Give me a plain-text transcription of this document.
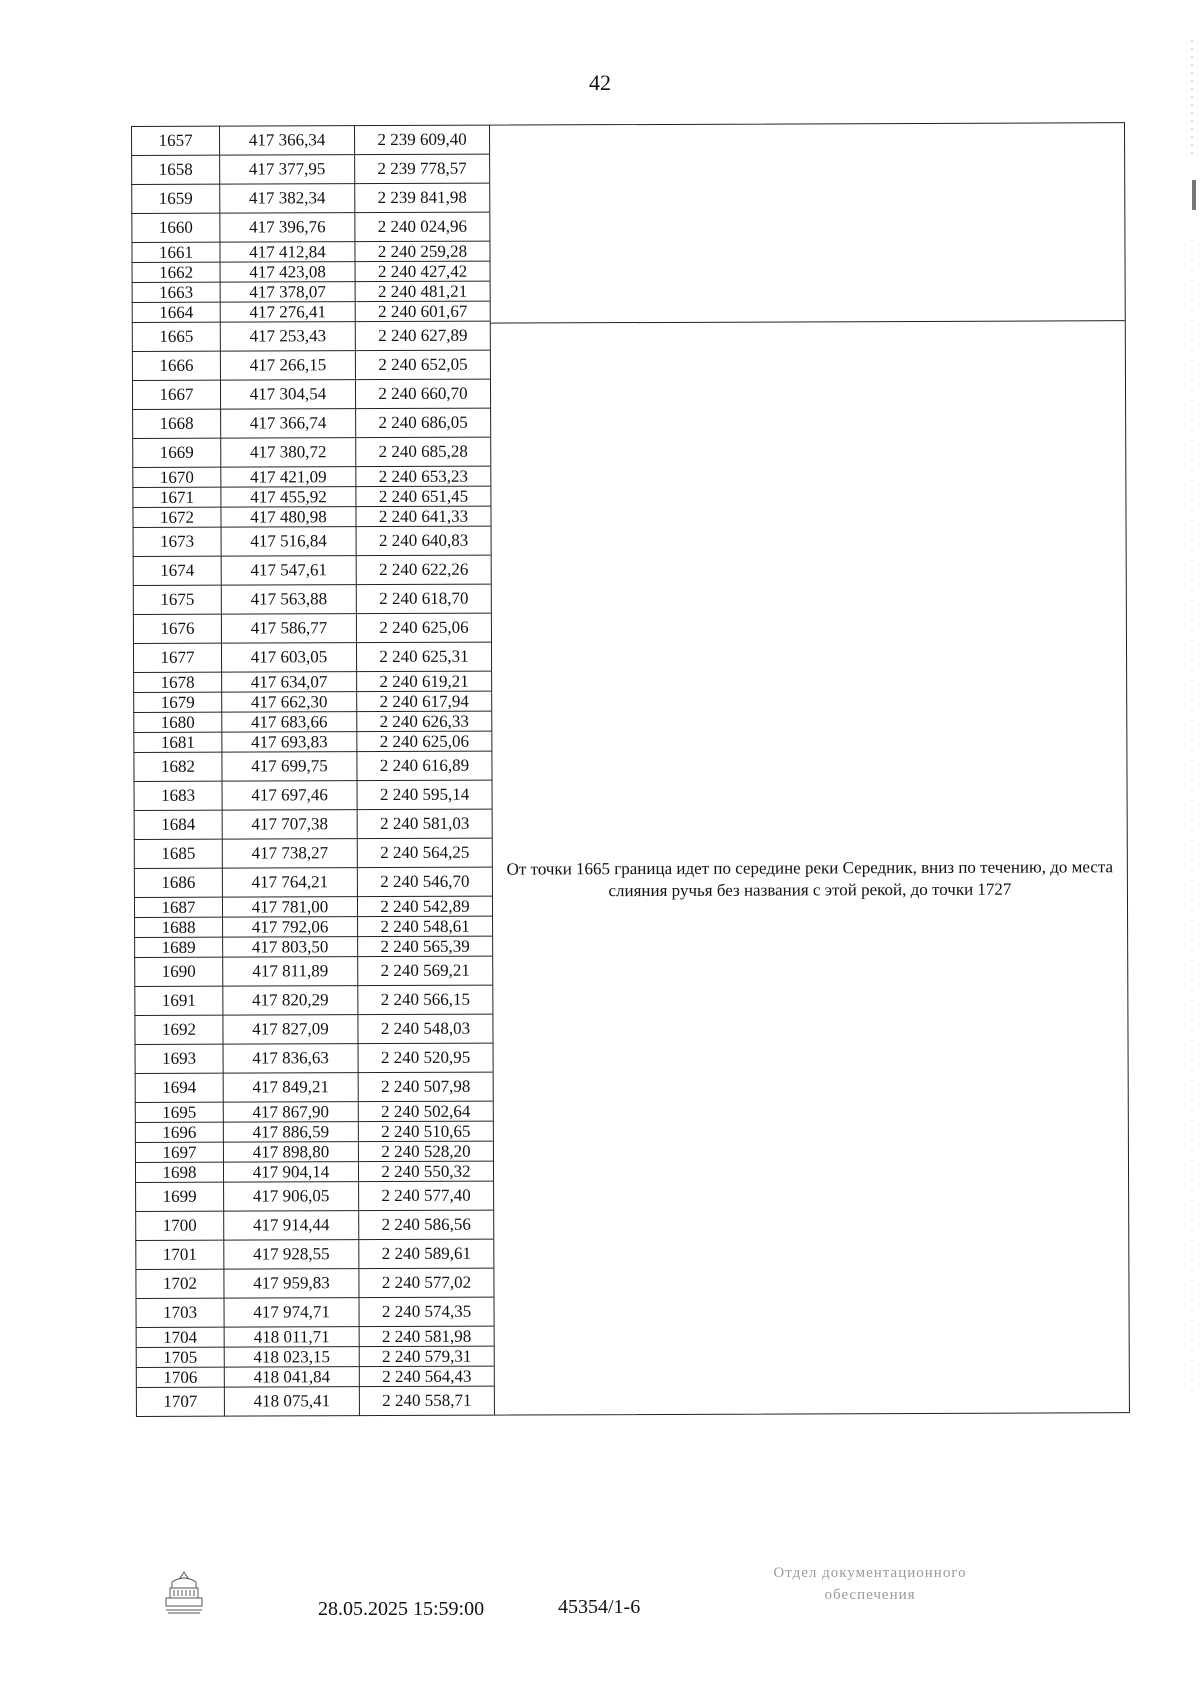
42
1657	417 366,34	2 239 609,40
1658	417 377,95	2 239 778,57
1659	417 382,34	2 239 841,98
1660	417 396,76	2 240 024,96
1661	417 412,84	2 240 259,28
1662	417 423,08	2 240 427,42
1663	417 378,07	2 240 481,21
1664	417 276,41	2 240 601,67
1665	417 253,43	2 240 627,89
1666	417 266,15	2 240 652,05
1667	417 304,54	2 240 660,70
1668	417 366,74	2 240 686,05
1669	417 380,72	2 240 685,28
1670	417 421,09	2 240 653,23
1671	417 455,92	2 240 651,45
1672	417 480,98	2 240 641,33
1673	417 516,84	2 240 640,83
1674	417 547,61	2 240 622,26
1675	417 563,88	2 240 618,70
1676	417 586,77	2 240 625,06
1677	417 603,05	2 240 625,31
1678	417 634,07	2 240 619,21
1679	417 662,30	2 240 617,94
1680	417 683,66	2 240 626,33
1681	417 693,83	2 240 625,06
1682	417 699,75	2 240 616,89
1683	417 697,46	2 240 595,14
1684	417 707,38	2 240 581,03
1685	417 738,27	2 240 564,25
1686	417 764,21	2 240 546,70
1687	417 781,00	2 240 542,89
1688	417 792,06	2 240 548,61
1689	417 803,50	2 240 565,39
1690	417 811,89	2 240 569,21
1691	417 820,29	2 240 566,15
1692	417 827,09	2 240 548,03
1693	417 836,63	2 240 520,95
1694	417 849,21	2 240 507,98
1695	417 867,90	2 240 502,64
1696	417 886,59	2 240 510,65
1697	417 898,80	2 240 528,20
1698	417 904,14	2 240 550,32
1699	417 906,05	2 240 577,40
1700	417 914,44	2 240 586,56
1701	417 928,55	2 240 589,61
1702	417 959,83	2 240 577,02
1703	417 974,71	2 240 574,35
1704	418 011,71	2 240 581,98
1705	418 023,15	2 240 579,31
1706	418 041,84	2 240 564,43
1707	418 075,41	2 240 558,71
От точки 1665 граница идет по середине реки Середник, вниз по течению, до места слияния ручья без названия с этой рекой, до точки 1727
28.05.2025 15:59:00	45354/1-6
Отдел документационного
обеспечения
